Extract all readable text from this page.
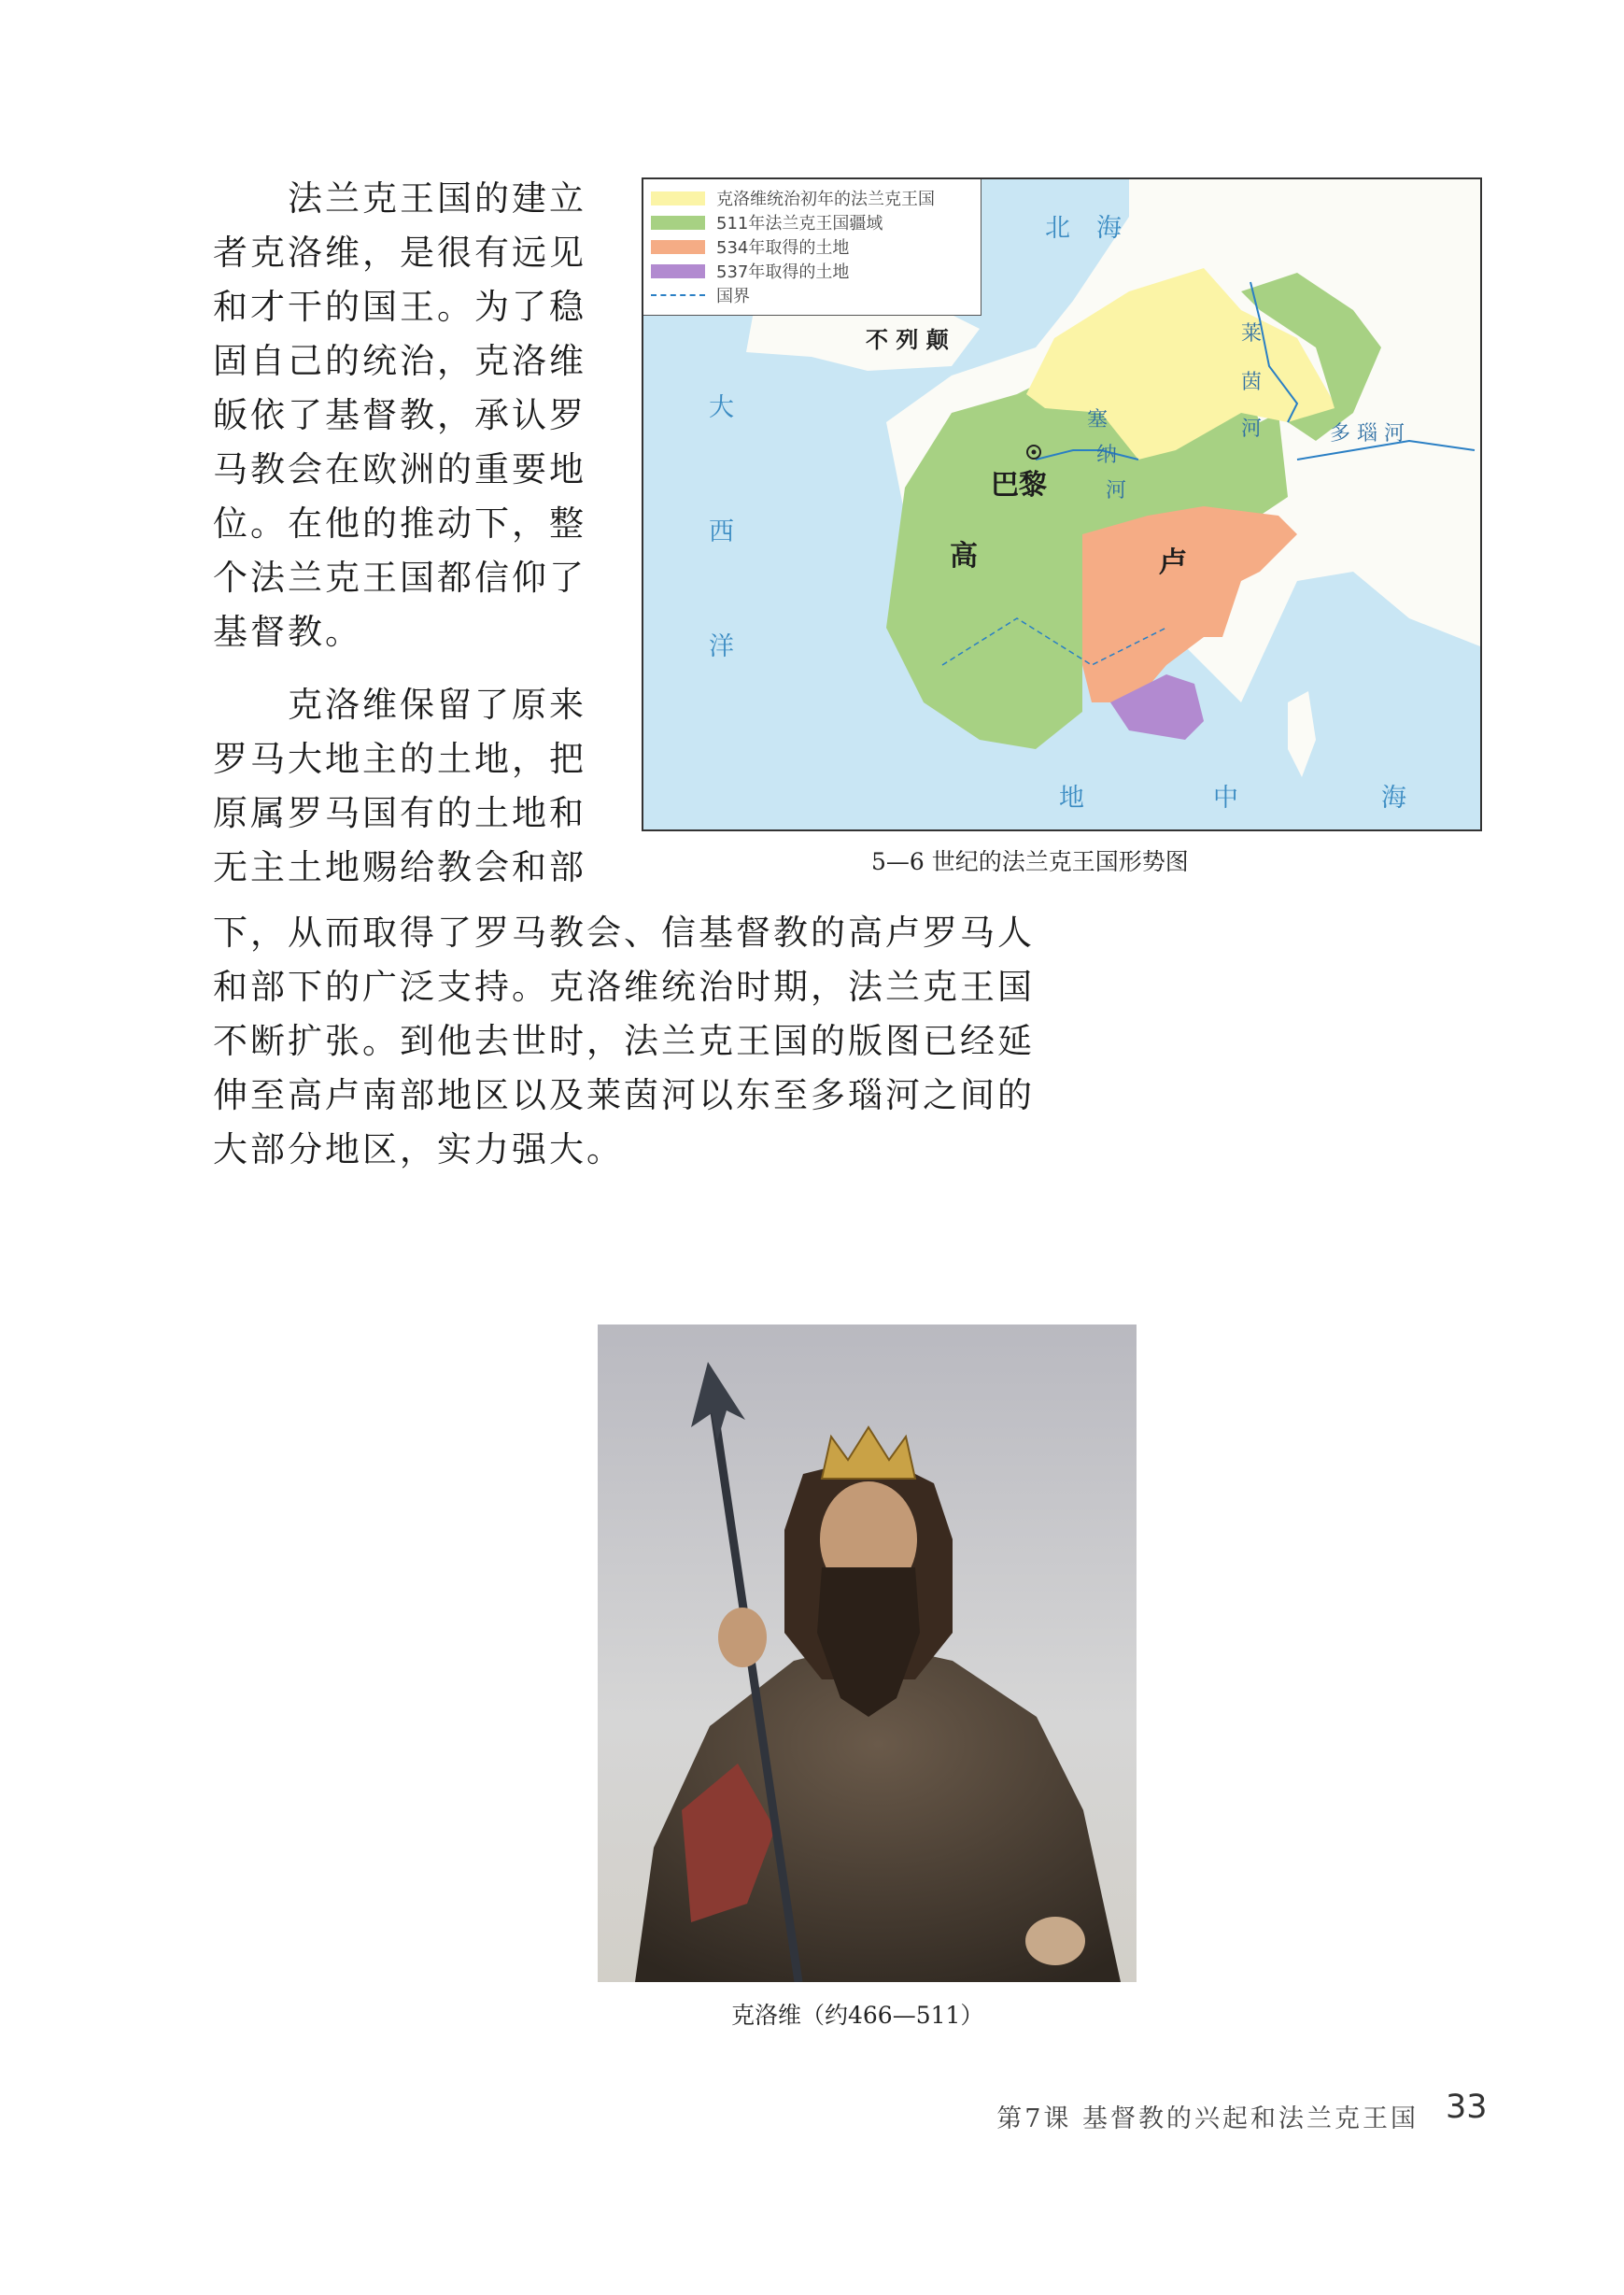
　　法兰克王国的建立
者克洛维，是很有远见
和才干的国王。为了稳
固自己的统治，克洛维
皈依了基督教，承认罗
马教会在欧洲的重要地
位。在他的推动下，整
个法兰克王国都信仰了
基督教。
　　克洛维保留了原来
罗马大地主的土地，把
原属罗马国有的土地和
无主土地赐给教会和部
下，从而取得了罗马教会、信基督教的高卢罗马人
和部下的广泛支持。克洛维统治时期，法兰克王国
不断扩张。到他去世时，法兰克王国的版图已经延
伸至高卢南部地区以及莱茵河以东至多瑙河之间的
大部分地区，实力强大。
克洛维统治初年的法兰克王国
511年法兰克王国疆域
534年取得的土地
537年取得的土地
国界
北 海
不 列 颠
大
西
洋
巴黎
高	卢
莱
茵
河
塞
纳
河
多 瑙 河
地	中	海
5—6 世纪的法兰克王国形势图
克洛维（约466—511）
第7课 基督教的兴起和法兰克王国 33
